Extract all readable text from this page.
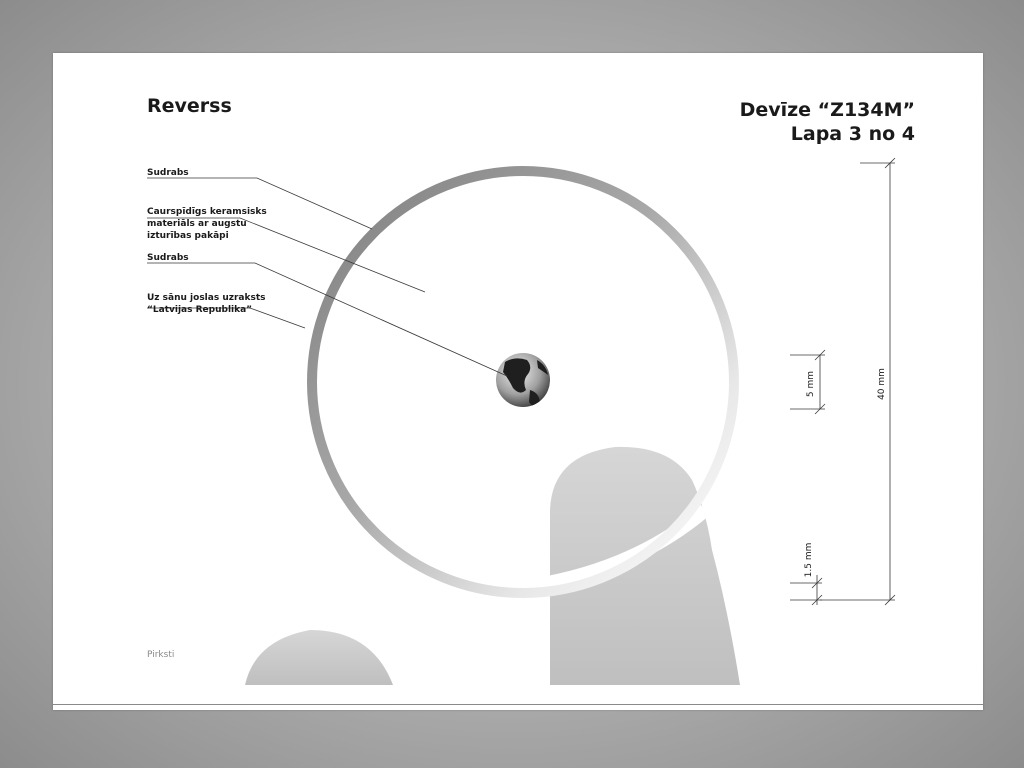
Reverss	Devīze “Z134M”
Lapa 3 no 4
Sudrabs
Caurspīdīgs keramsisks
materiāls ar augstu
izturības pakāpi
Sudrabs
Uz sānu joslas uzraksts
“Latvijas Republika”
5 mm	40 mm
1.5 mm
Pirksti
